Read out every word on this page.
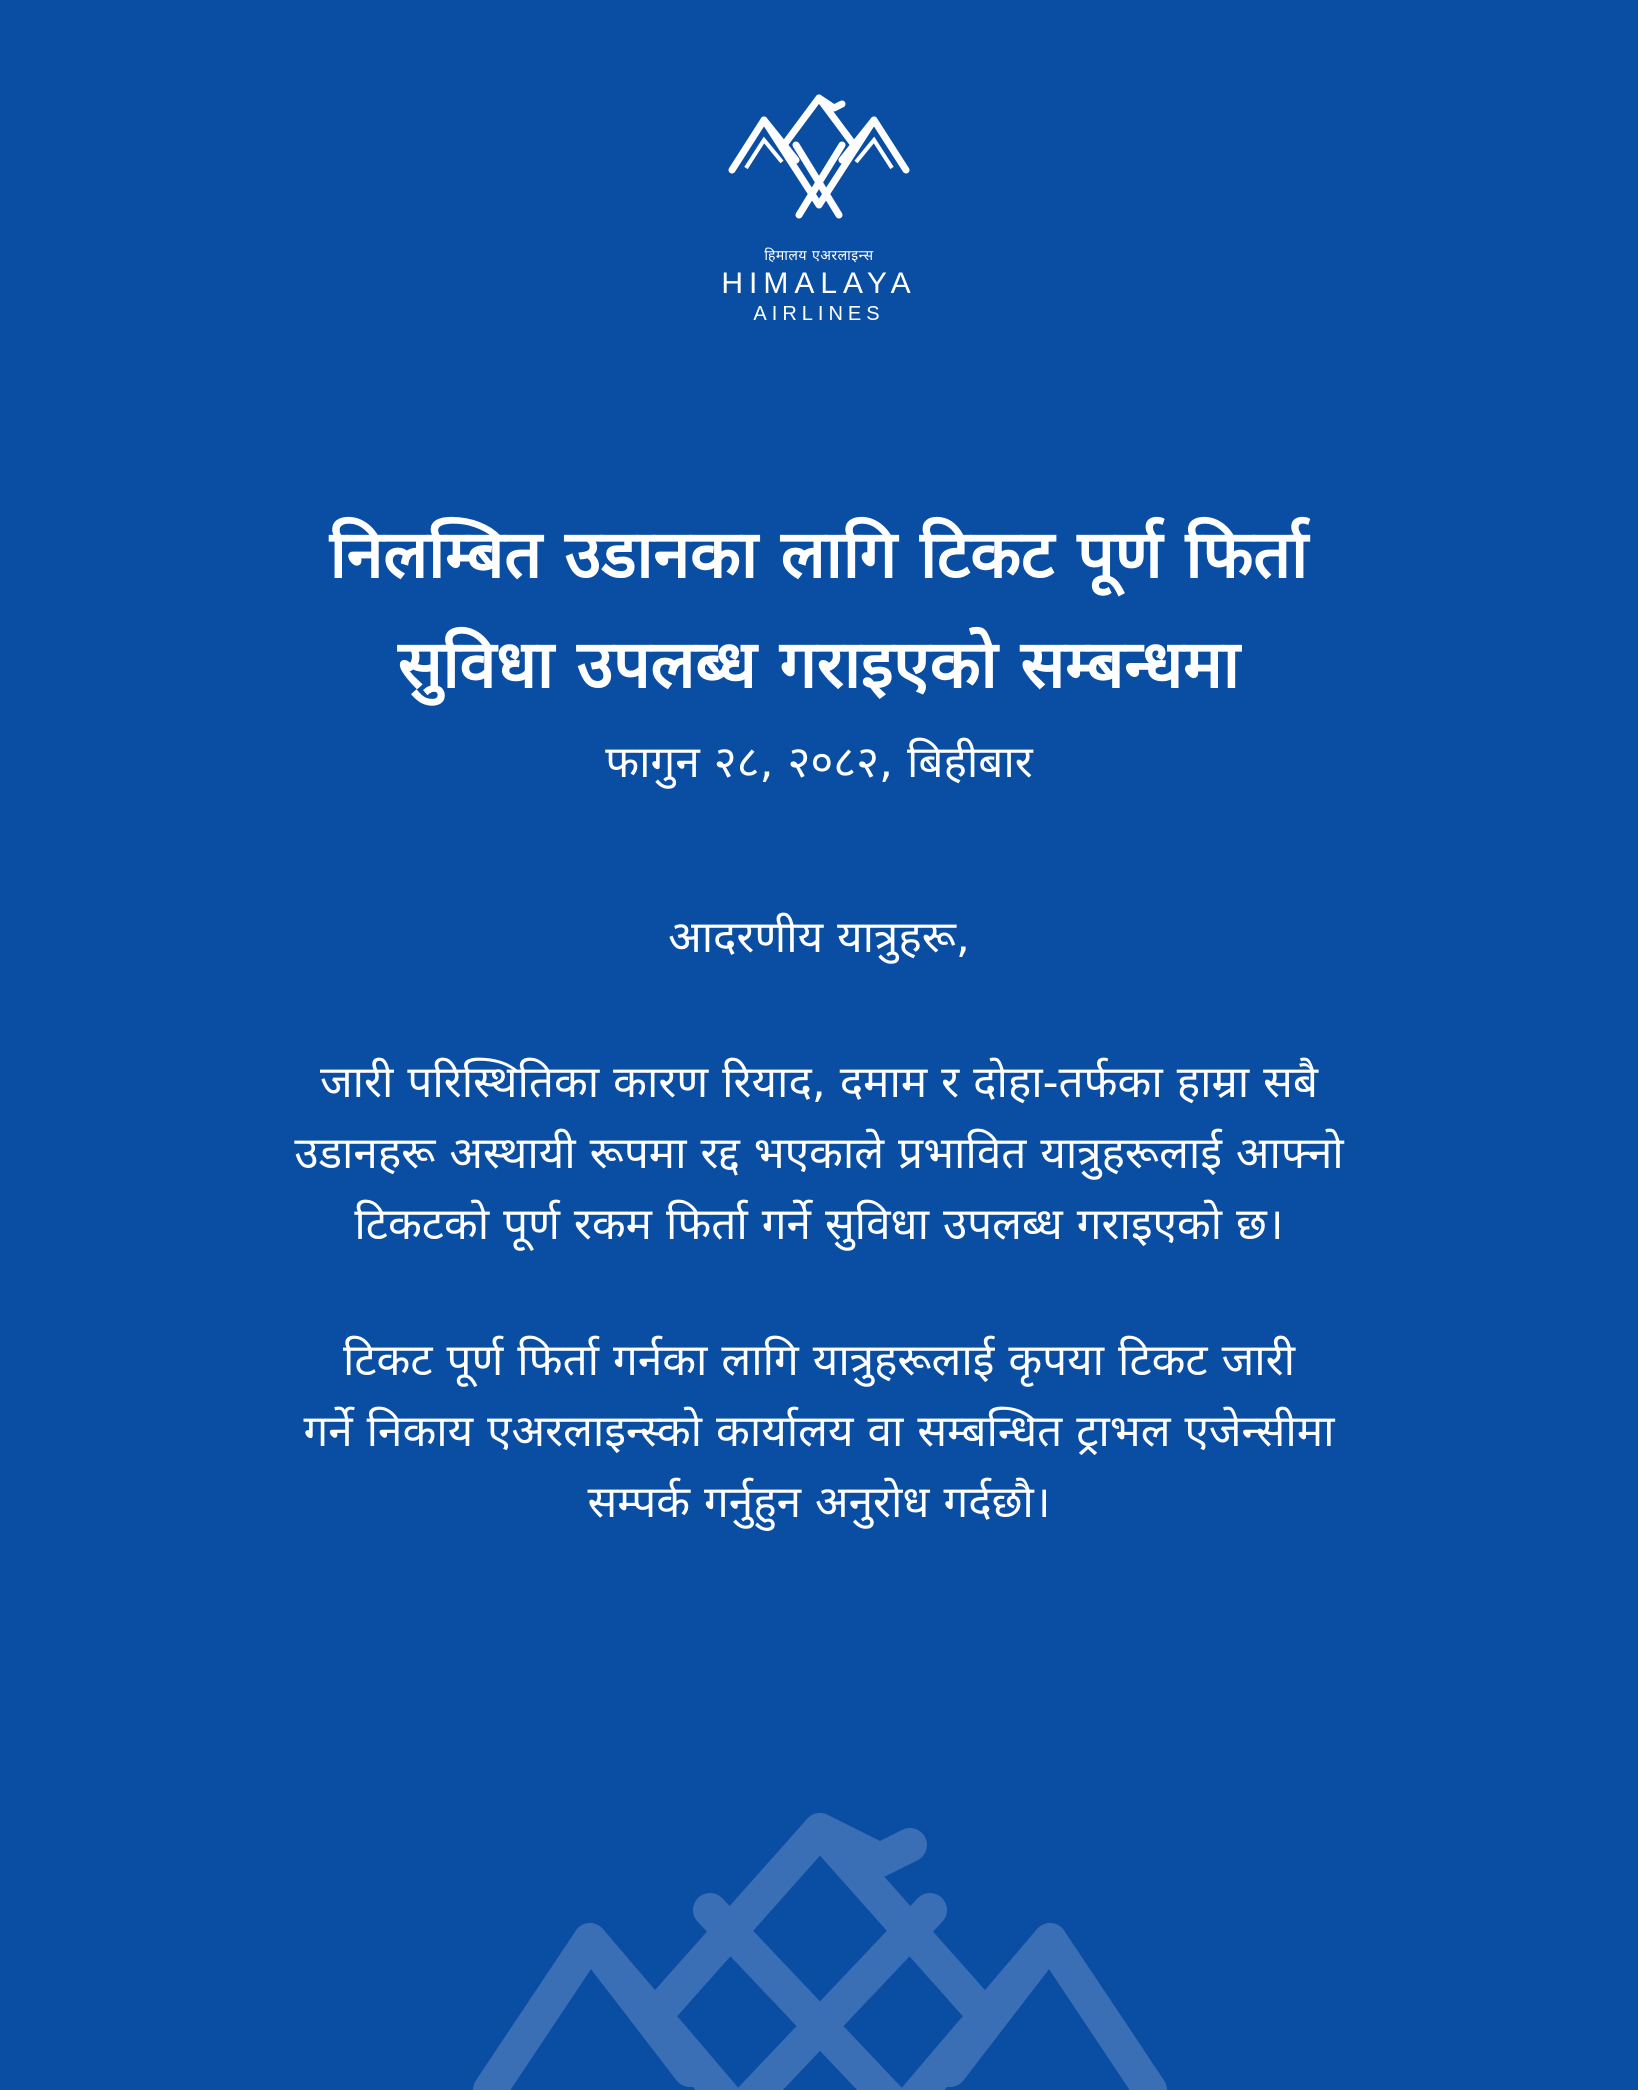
हिमालय एअरलाइन्स
HIMALAYA
AIRLINES
निलम्बित उडानका लागि टिकट पूर्ण फिर्ता
सुविधा उपलब्ध गराइएको सम्बन्धमा
फागुन २८, २०८२, बिहीबार
आदरणीय यात्रुहरू,
जारी परिस्थितिका कारण रियाद, दमाम र दोहा-तर्फका हाम्रा सबै
उडानहरू अस्थायी रूपमा रद्द भएकाले प्रभावित यात्रुहरूलाई आफ्नो
टिकटको पूर्ण रकम फिर्ता गर्ने सुविधा उपलब्ध गराइएको छ।
टिकट पूर्ण फिर्ता गर्नका लागि यात्रुहरूलाई कृपया टिकट जारी
गर्ने निकाय एअरलाइन्स्को कार्यालय वा सम्बन्धित ट्राभल एजेन्सीमा
सम्पर्क गर्नुहुन अनुरोध गर्दछौ।
